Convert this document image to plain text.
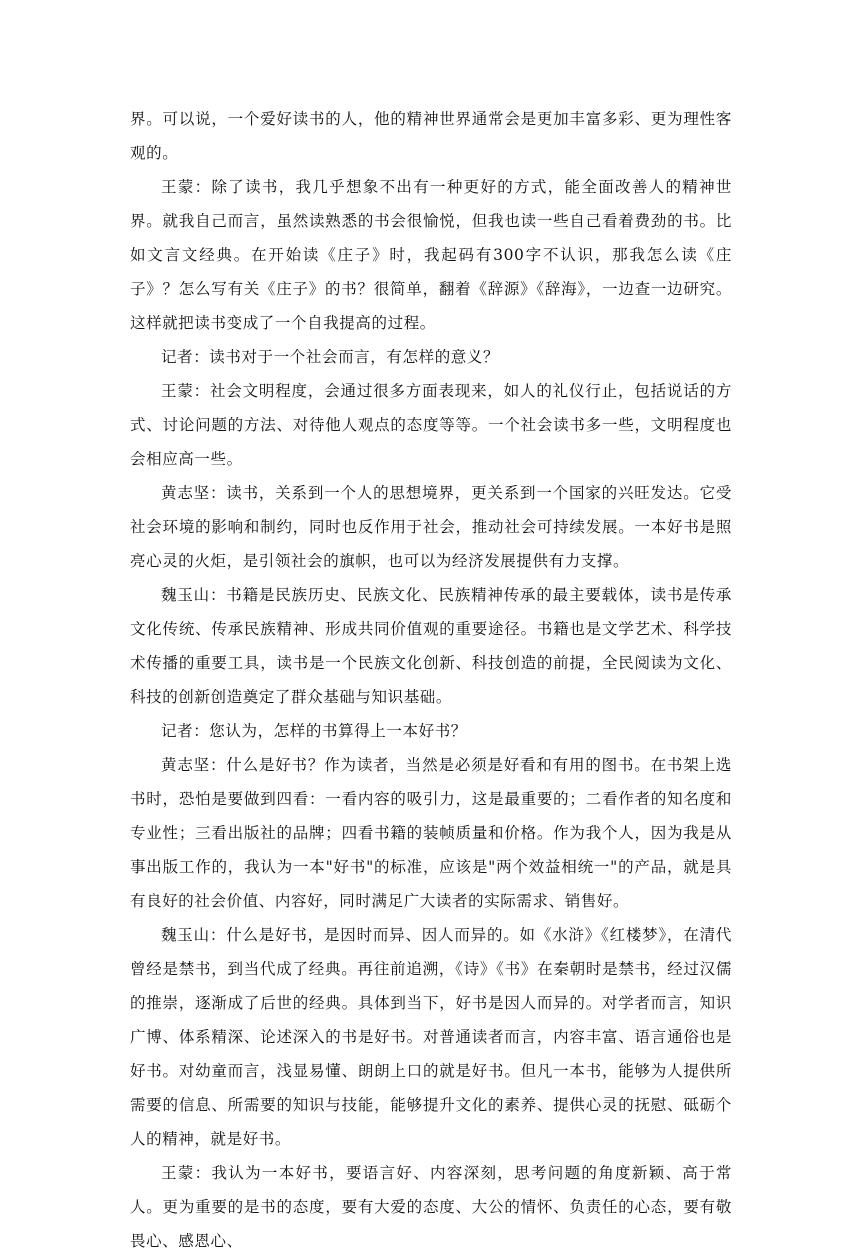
界。可以说，一个爱好读书的人，他的精神世界通常会是更加丰富多彩、更为理性客观的。

王蒙：除了读书，我几乎想象不出有一种更好的方式，能全面改善人的精神世界。就我自己而言，虽然读熟悉的书会很愉悦，但我也读一些自己看着费劲的书。比如文言文经典。在开始读《庄子》时，我起码有300字不认识，那我怎么读《庄子》？怎么写有关《庄子》的书？很简单，翻着《辞源》《辞海》，一边查一边研究。这样就把读书变成了一个自我提高的过程。

记者：读书对于一个社会而言，有怎样的意义？

王蒙：社会文明程度，会通过很多方面表现来，如人的礼仪行止，包括说话的方式、讨论问题的方法、对待他人观点的态度等等。一个社会读书多一些，文明程度也会相应高一些。

黄志坚：读书，关系到一个人的思想境界，更关系到一个国家的兴旺发达。它受社会环境的影响和制约，同时也反作用于社会，推动社会可持续发展。一本好书是照亮心灵的火炬，是引领社会的旗帜，也可以为经济发展提供有力支撑。

魏玉山：书籍是民族历史、民族文化、民族精神传承的最主要载体，读书是传承文化传统、传承民族精神、形成共同价值观的重要途径。书籍也是文学艺术、科学技术传播的重要工具，读书是一个民族文化创新、科技创造的前提，全民阅读为文化、科技的创新创造奠定了群众基础与知识基础。

记者：您认为，怎样的书算得上一本好书？

黄志坚：什么是好书？作为读者，当然是必须是好看和有用的图书。在书架上选书时，恐怕是要做到四看：一看内容的吸引力，这是最重要的；二看作者的知名度和专业性；三看出版社的品牌；四看书籍的装帧质量和价格。作为我个人，因为我是从事出版工作的，我认为一本"好书"的标准，应该是"两个效益相统一"的产品，就是具有良好的社会价值、内容好，同时满足广大读者的实际需求、销售好。

魏玉山：什么是好书，是因时而异、因人而异的。如《水浒》《红楼梦》，在清代曾经是禁书，到当代成了经典。再往前追溯，《诗》《书》在秦朝时是禁书，经过汉儒的推崇，逐渐成了后世的经典。具体到当下，好书是因人而异的。对学者而言，知识广博、体系精深、论述深入的书是好书。对普通读者而言，内容丰富、语言通俗也是好书。对幼童而言，浅显易懂、朗朗上口的就是好书。但凡一本书，能够为人提供所需要的信息、所需要的知识与技能，能够提升文化的素养、提供心灵的抚慰、砥砺个人的精神，就是好书。

王蒙：我认为一本好书，要语言好、内容深刻，思考问题的角度新颖、高于常人。更为重要的是书的态度，要有大爱的态度、大公的情怀、负责任的心态，要有敬畏心、感恩心、
